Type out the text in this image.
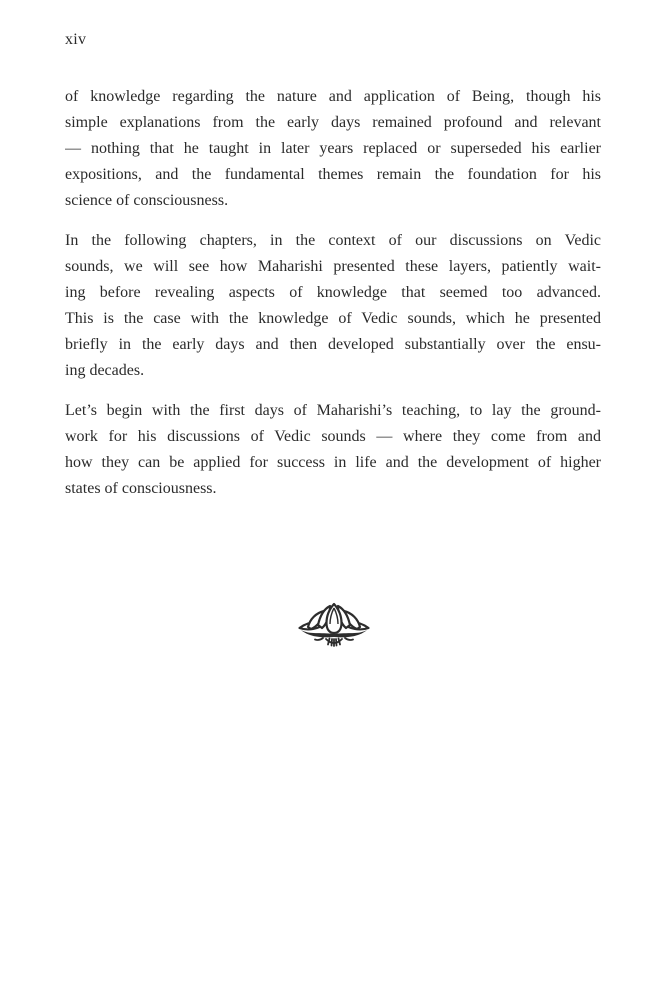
xiv
of knowledge regarding the nature and application of Being, though his
simple explanations from the early days remained profound and relevant
— nothing that he taught in later years replaced or superseded his earlier
expositions, and the fundamental themes remain the foundation for his
science of consciousness.
In the following chapters, in the context of our discussions on Vedic
sounds, we will see how Maharishi presented these layers, patiently wait-
ing before revealing aspects of knowledge that seemed too advanced.
This is the case with the knowledge of Vedic sounds, which he presented
briefly in the early days and then developed substantially over the ensu-
ing decades.
Let’s begin with the first days of Maharishi’s teaching, to lay the ground-
work for his discussions of Vedic sounds — where they come from and
how they can be applied for success in life and the development of higher
states of consciousness.
